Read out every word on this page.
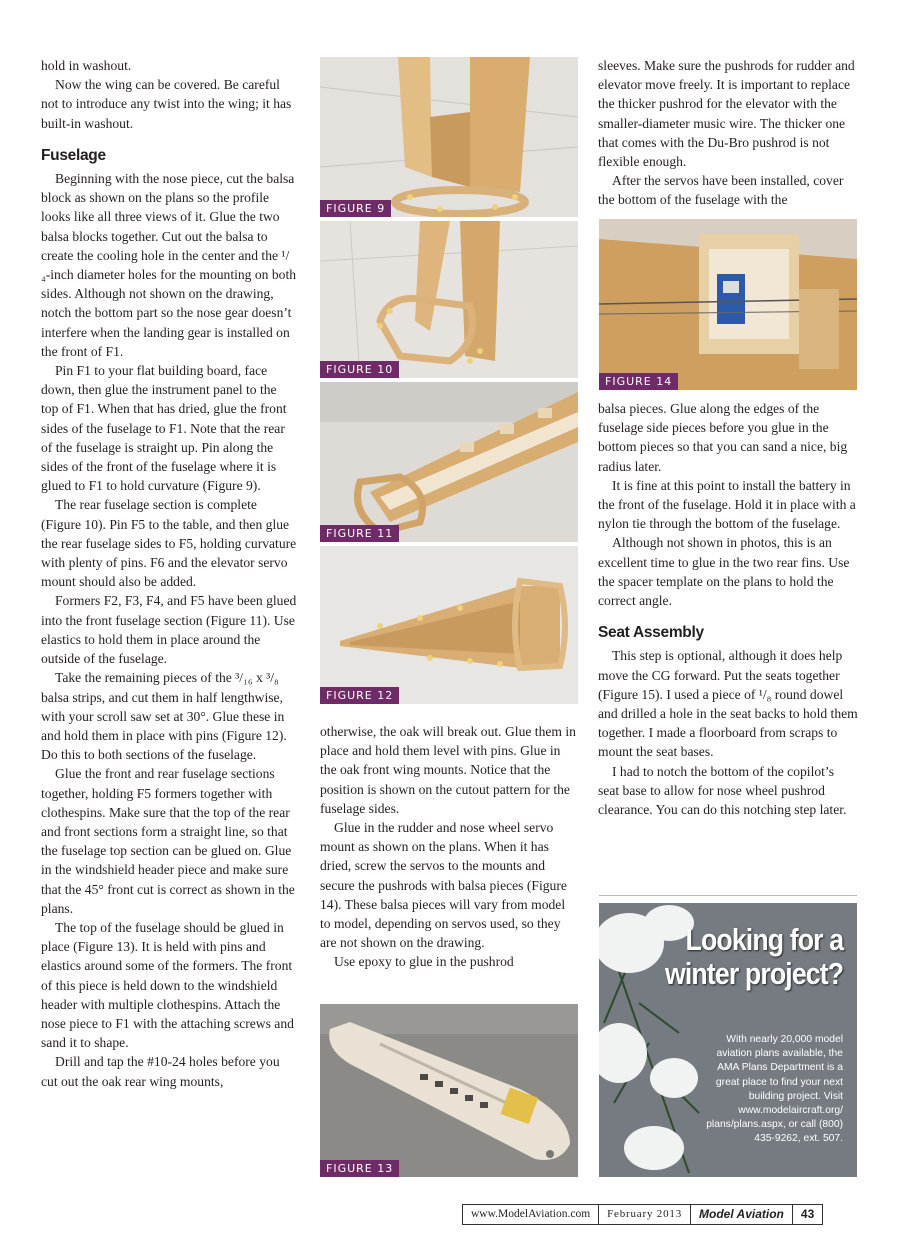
hold in washout.

Now the wing can be covered. Be careful not to introduce any twist into the wing; it has built-in washout.

Fuselage

Beginning with the nose piece, cut the balsa block as shown on the plans so the profile looks like all three views of it. Glue the two balsa blocks together. Cut out the balsa to create the cooling hole in the center and the ¹/₄-inch diameter holes for the mounting on both sides. Although not shown on the drawing, notch the bottom part so the nose gear doesn’t interfere when the landing gear is installed on the front of F1.

Pin F1 to your flat building board, face down, then glue the instrument panel to the top of F1. When that has dried, glue the front sides of the fuselage to F1. Note that the rear of the fuselage is straight up. Pin along the sides of the front of the fuselage where it is glued to F1 to hold curvature (Figure 9).

The rear fuselage section is complete (Figure 10). Pin F5 to the table, and then glue the rear fuselage sides to F5, holding curvature with plenty of pins. F6 and the elevator servo mount should also be added.

Formers F2, F3, F4, and F5 have been glued into the front fuselage section (Figure 11). Use elastics to hold them in place around the outside of the fuselage.

Take the remaining pieces of the ³/₁₆ x ³/₈ balsa strips, and cut them in half lengthwise, with your scroll saw set at 30°. Glue these in and hold them in place with pins (Figure 12). Do this to both sections of the fuselage.

Glue the front and rear fuselage sections together, holding F5 formers together with clothespins. Make sure that the top of the rear and front sections form a straight line, so that the fuselage top section can be glued on. Glue in the windshield header piece and make sure that the 45° front cut is correct as shown in the plans.

The top of the fuselage should be glued in place (Figure 13). It is held with pins and elastics around some of the formers. The front of this piece is held down to the windshield header with multiple clothespins. Attach the nose piece to F1 with the attaching screws and sand it to shape.

Drill and tap the #10-24 holes before you cut out the oak rear wing mounts,

otherwise, the oak will break out. Glue them in place and hold them level with pins. Glue in the oak front wing mounts. Notice that the position is shown on the cutout pattern for the fuselage sides.

Glue in the rudder and nose wheel servo mount as shown on the plans. When it has dried, screw the servos to the mounts and secure the pushrods with balsa pieces (Figure 14). These balsa pieces will vary from model to model, depending on servos used, so they are not shown on the drawing.

Use epoxy to glue in the pushrod

sleeves. Make sure the pushrods for rudder and elevator move freely. It is important to replace the thicker pushrod for the elevator with the smaller-diameter music wire. The thicker one that comes with the Du-Bro pushrod is not flexible enough.

After the servos have been installed, cover the bottom of the fuselage with the

balsa pieces. Glue along the edges of the fuselage side pieces before you glue in the bottom pieces so that you can sand a nice, big radius later.

It is fine at this point to install the battery in the front of the fuselage. Hold it in place with a nylon tie through the bottom of the fuselage.

Although not shown in photos, this is an excellent time to glue in the two rear fins. Use the spacer template on the plans to hold the correct angle.

Seat Assembly

This step is optional, although it does help move the CG forward. Put the seats together (Figure 15). I used a piece of ¹/₈ round dowel and drilled a hole in the seat backs to hold them together. I made a floorboard from scraps to mount the seat bases.

I had to notch the bottom of the copilot’s seat base to allow for nose wheel pushrod clearance. You can do this notching step later.

FIGURE 9
FIGURE 10
FIGURE 11
FIGURE 12
FIGURE 13
FIGURE 14
Looking for a
winter project?
With nearly 20,000 model aviation plans available, the AMA Plans Department is a great place to find your next building project. Visit www.modelaircraft.org/ plans/plans.aspx, or call (800) 435-9262, ext. 507.
www.ModelAviation.com	February 2013	Model Aviation	43
